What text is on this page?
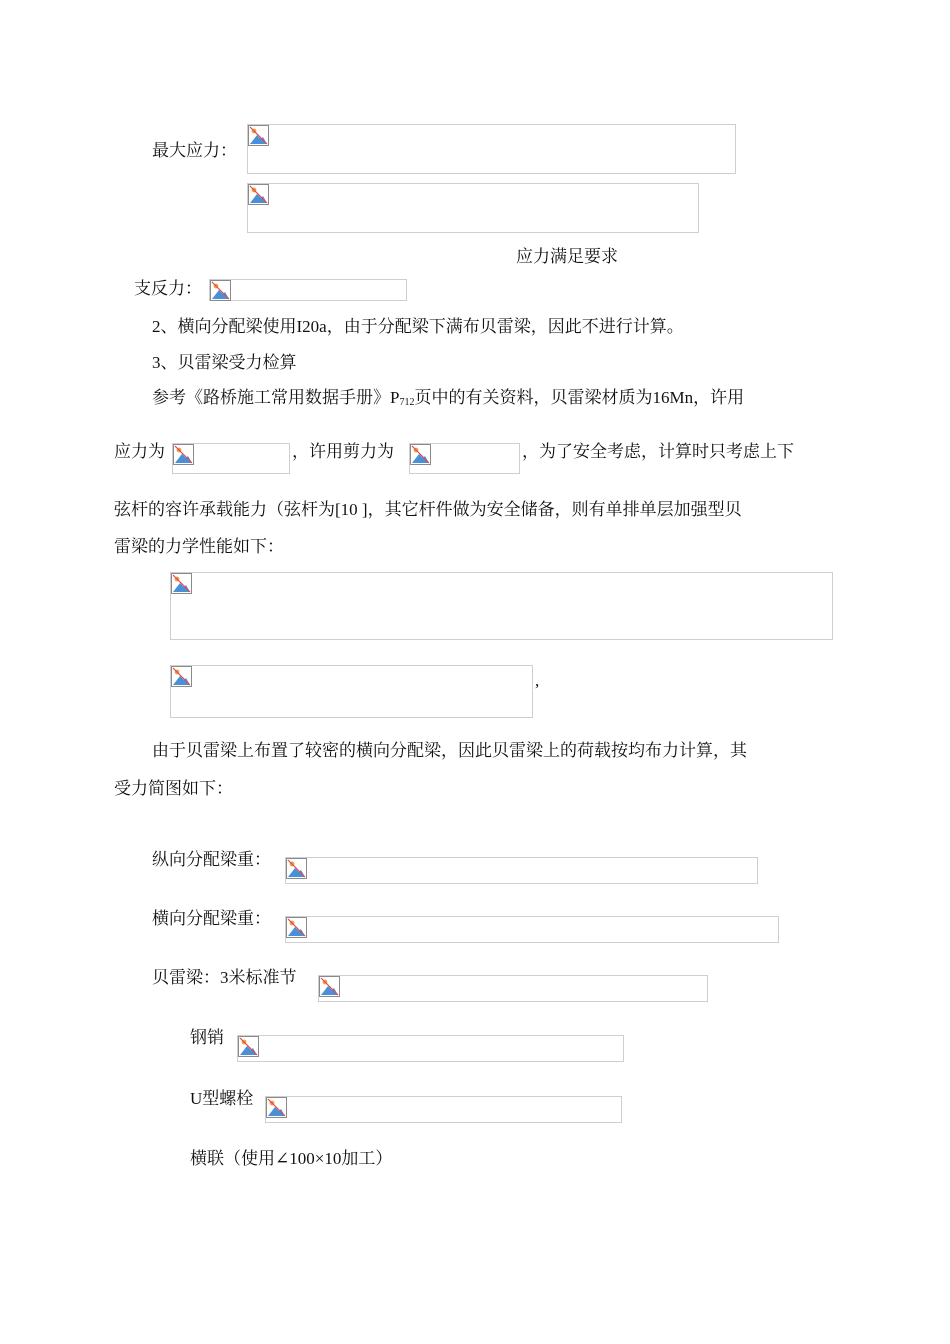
最大应力：
应力满足要求
支反力：
2、横向分配梁使用I20a，由于分配梁下满布贝雷梁，因此不进行计算。
3、贝雷梁受力检算
参考《路桥施工常用数据手册》$P_{712}$页中的有关资料，贝雷梁材质为16Mn，许用
应力为	，许用剪力为	，为了安全考虑，计算时只考虑上下
弦杆的容许承载能力（弦杆为[10 ]，其它杆件做为安全储备，则有单排单层加强型贝
雷梁的力学性能如下：
,
由于贝雷梁上布置了较密的横向分配梁，因此贝雷梁上的荷载按均布力计算，其
受力简图如下：
纵向分配梁重：
横向分配梁重：
贝雷梁：3米标准节
钢销
U型螺栓
横联（使用∠100×10加工）
